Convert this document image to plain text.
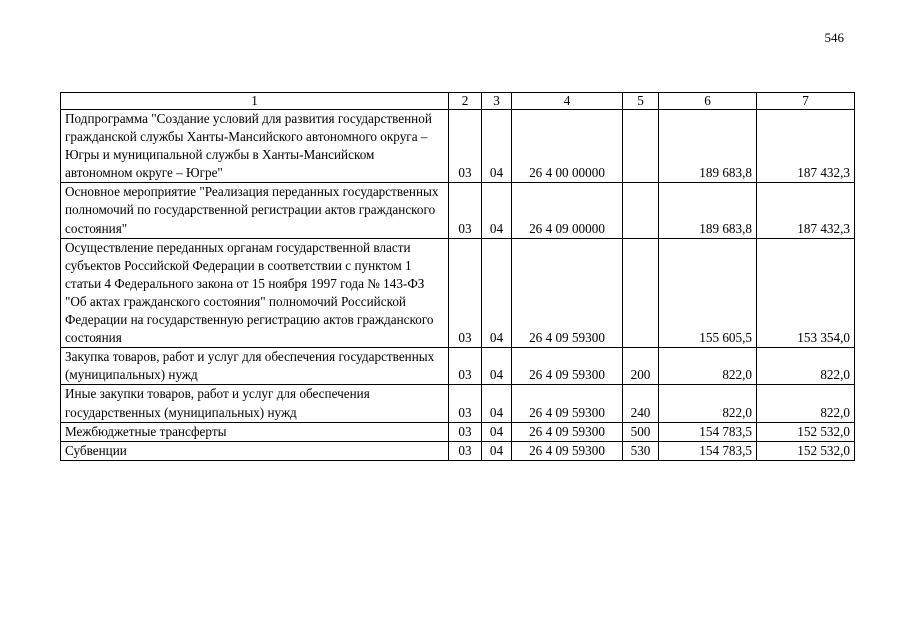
546
1	2	3	4	5	6	7
Подпрограмма "Создание условий для развития государственной гражданской службы Ханты-Мансийского автономного округа – Югры и муниципальной службы в Ханты-Мансийском автономном округе – Югре"	03	04	26 4 00 00000		189 683,8	187 432,3
Основное мероприятие "Реализация переданных государственных полномочий по государственной регистрации актов гражданского состояния"	03	04	26 4 09 00000		189 683,8	187 432,3
Осуществление переданных органам государственной власти субъектов Российской Федерации в соответствии с пунктом 1 статьи 4 Федерального закона от 15 ноября 1997 года № 143-ФЗ "Об актах гражданского состояния" полномочий Российской Федерации на государственную регистрацию актов гражданского состояния	03	04	26 4 09 59300		155 605,5	153 354,0
Закупка товаров, работ и услуг для обеспечения государственных (муниципальных) нужд	03	04	26 4 09 59300	200	822,0	822,0
Иные закупки товаров, работ и услуг для обеспечения государственных (муниципальных) нужд	03	04	26 4 09 59300	240	822,0	822,0
Межбюджетные трансферты	03	04	26 4 09 59300	500	154 783,5	152 532,0
Субвенции	03	04	26 4 09 59300	530	154 783,5	152 532,0
